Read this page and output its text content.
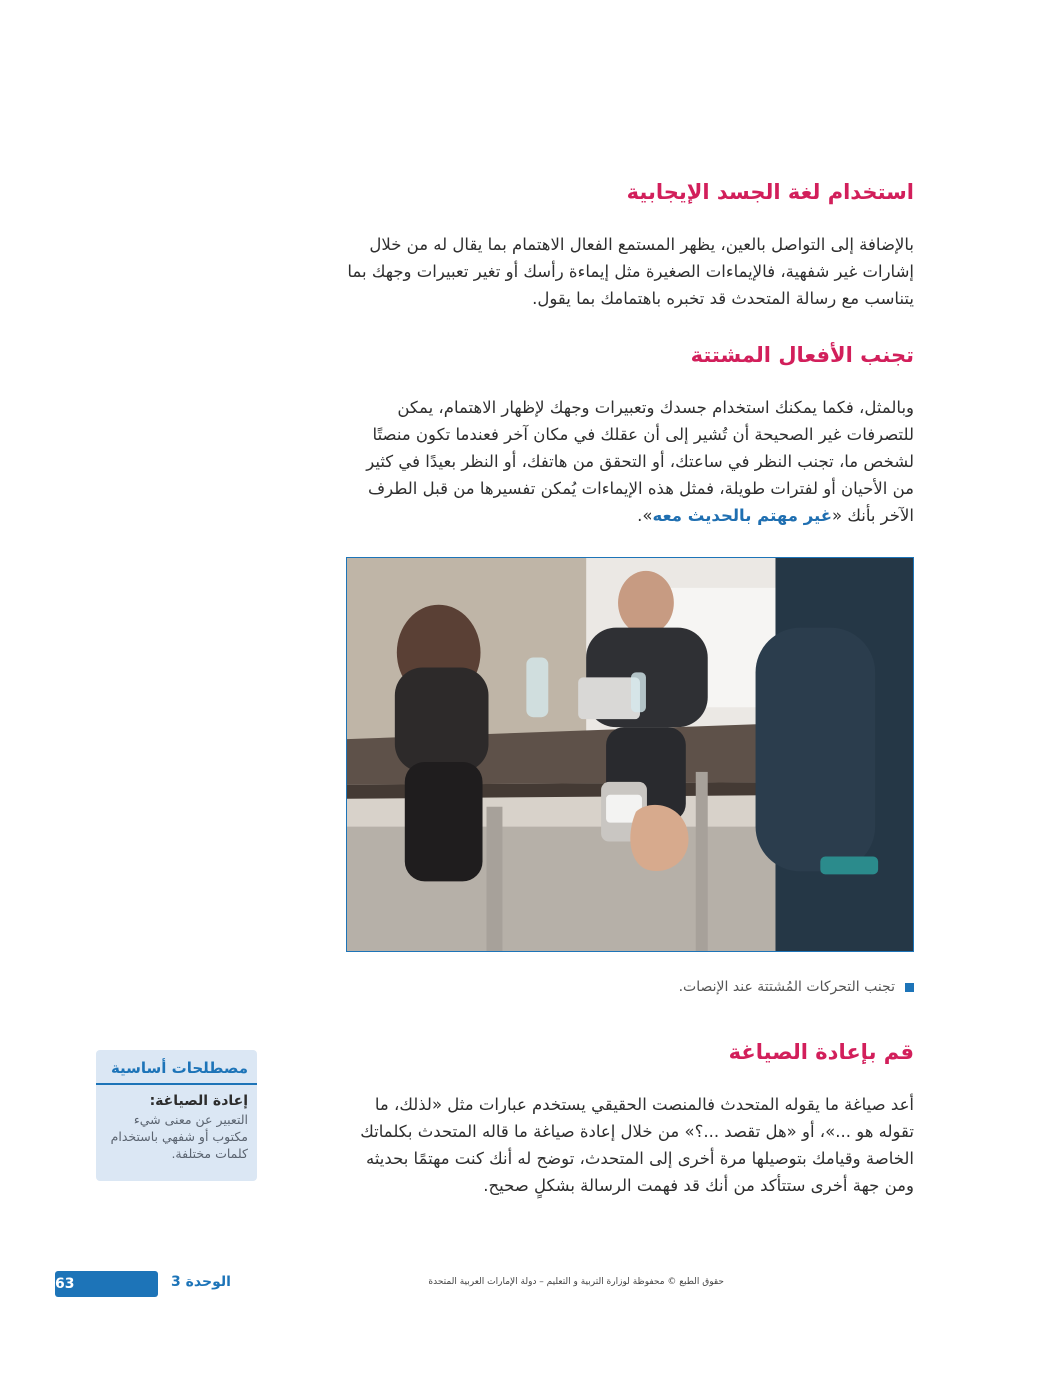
استخدام لغة الجسد الإيجابية

بالإضافة إلى التواصل بالعين، يظهر المستمع الفعال الاهتمام بما يقال له من خلال إشارات غير شفهية، فالإيماءات الصغيرة مثل إيماءة رأسك أو تغير تعبيرات وجهك بما يتناسب مع رسالة المتحدث قد تخبره باهتمامك بما يقول.

تجنب الأفعال المشتتة

وبالمثل، فكما يمكنك استخدام جسدك وتعبيرات وجهك لإظهار الاهتمام، يمكن للتصرفات غير الصحيحة أن تُشير إلى أن عقلك في مكان آخر فعندما تكون منصتًا لشخص ما، تجنب النظر في ساعتك، أو التحقق من هاتفك، أو النظر بعيدًا في كثير من الأحيان أو لفترات طويلة، فمثل هذه الإيماءات يُمكن تفسيرها من قبل الطرف الآخر بأنك «غير مهتم بالحديث معه».

تجنب التحركات المُشتتة عند الإنصات.
قم بإعادة الصياغة

أعد صياغة ما يقوله المتحدث فالمنصت الحقيقي يستخدم عبارات مثل «لذلك، ما تقوله هو ...»، أو «هل تقصد ...؟» من خلال إعادة صياغة ما قاله المتحدث بكلماتك الخاصة وقيامك بتوصيلها مرة أخرى إلى المتحدث، توضح له أنك كنت مهتمًا بحديثه ومن جهة أخرى ستتأكد من أنك قد فهمت الرسالة بشكلٍ صحيح.

مصطلحات أساسية
إعادة الصياغة:
التعبير عن معنى شيء مكتوب أو شفهي باستخدام كلمات مختلفة.
حقوق الطبع © محفوظة لوزارة التربية و التعليم – دولة الإمارات العربية المتحدة
الوحدة 3
63
